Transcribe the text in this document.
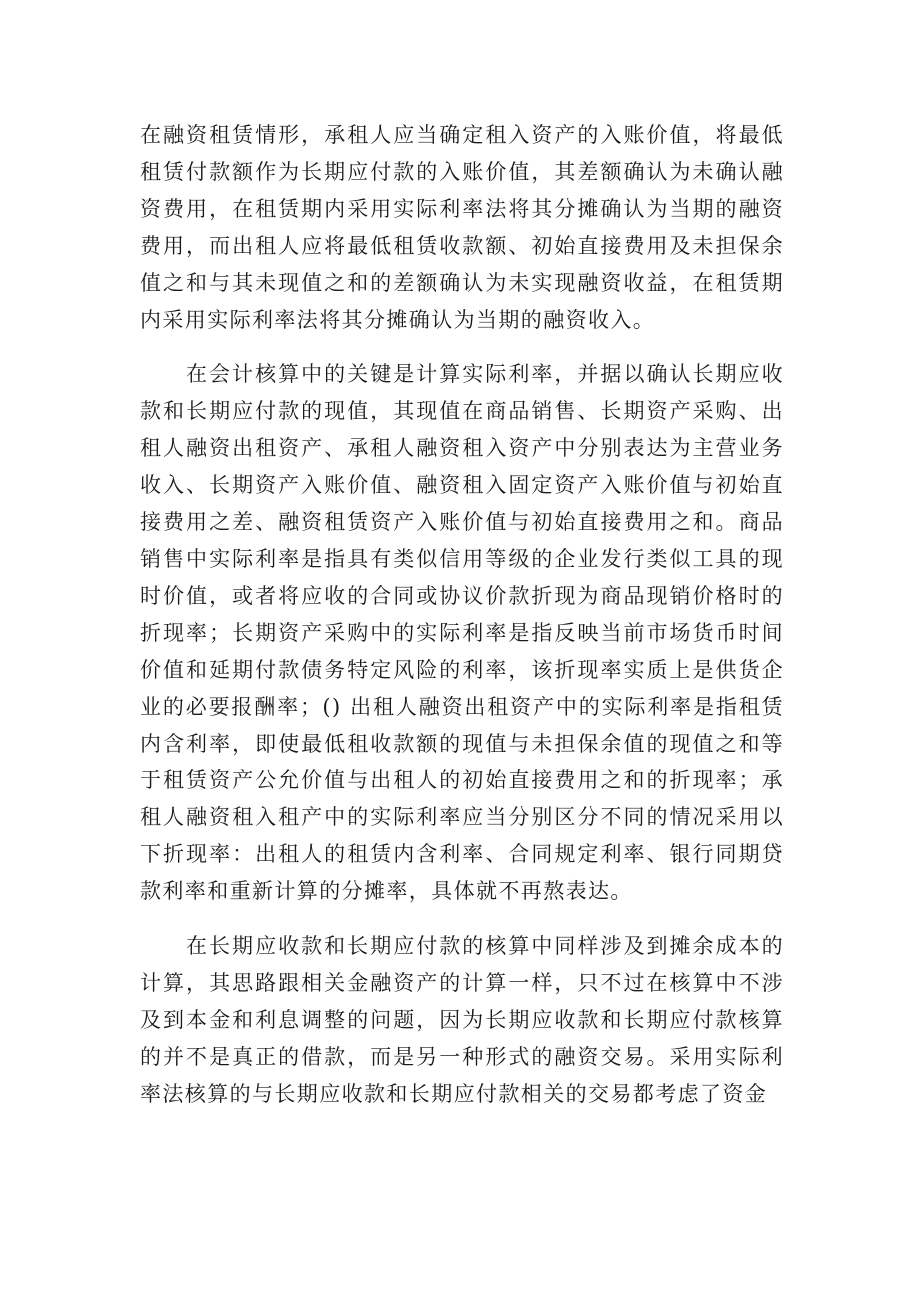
在融资租赁情形，承租人应当确定租入资产的入账价值，将最低租赁付款额作为长期应付款的入账价值，其差额确认为未确认融资费用，在租赁期内采用实际利率法将其分摊确认为当期的融资费用，而出租人应将最低租赁收款额、初始直接费用及未担保余值之和与其未现值之和的差额确认为未实现融资收益，在租赁期内采用实际利率法将其分摊确认为当期的融资收入。

在会计核算中的关键是计算实际利率，并据以确认长期应收款和长期应付款的现值，其现值在商品销售、长期资产采购、出租人融资出租资产、承租人融资租入资产中分别表达为主营业务收入、长期资产入账价值、融资租入固定资产入账价值与初始直接费用之差、融资租赁资产入账价值与初始直接费用之和。商品销售中实际利率是指具有类似信用等级的企业发行类似工具的现时价值，或者将应收的合同或协议价款折现为商品现销价格时的折现率；长期资产采购中的实际利率是指反映当前市场货币时间价值和延期付款债务特定风险的利率，该折现率实质上是供货企业的必要报酬率；() 出租人融资出租资产中的实际利率是指租赁内含利率，即使最低租收款额的现值与未担保余值的现值之和等于租赁资产公允价值与出租人的初始直接费用之和的折现率；承租人融资租入租产中的实际利率应当分别区分不同的情况采用以下折现率：出租人的租赁内含利率、合同规定利率、银行同期贷款利率和重新计算的分摊率，具体就不再熬表达。

在长期应收款和长期应付款的核算中同样涉及到摊余成本的计算，其思路跟相关金融资产的计算一样，只不过在核算中不涉及到本金和利息调整的问题，因为长期应收款和长期应付款核算的并不是真正的借款，而是另一种形式的融资交易。采用实际利率法核算的与长期应收款和长期应付款相关的交易都考虑了资金
